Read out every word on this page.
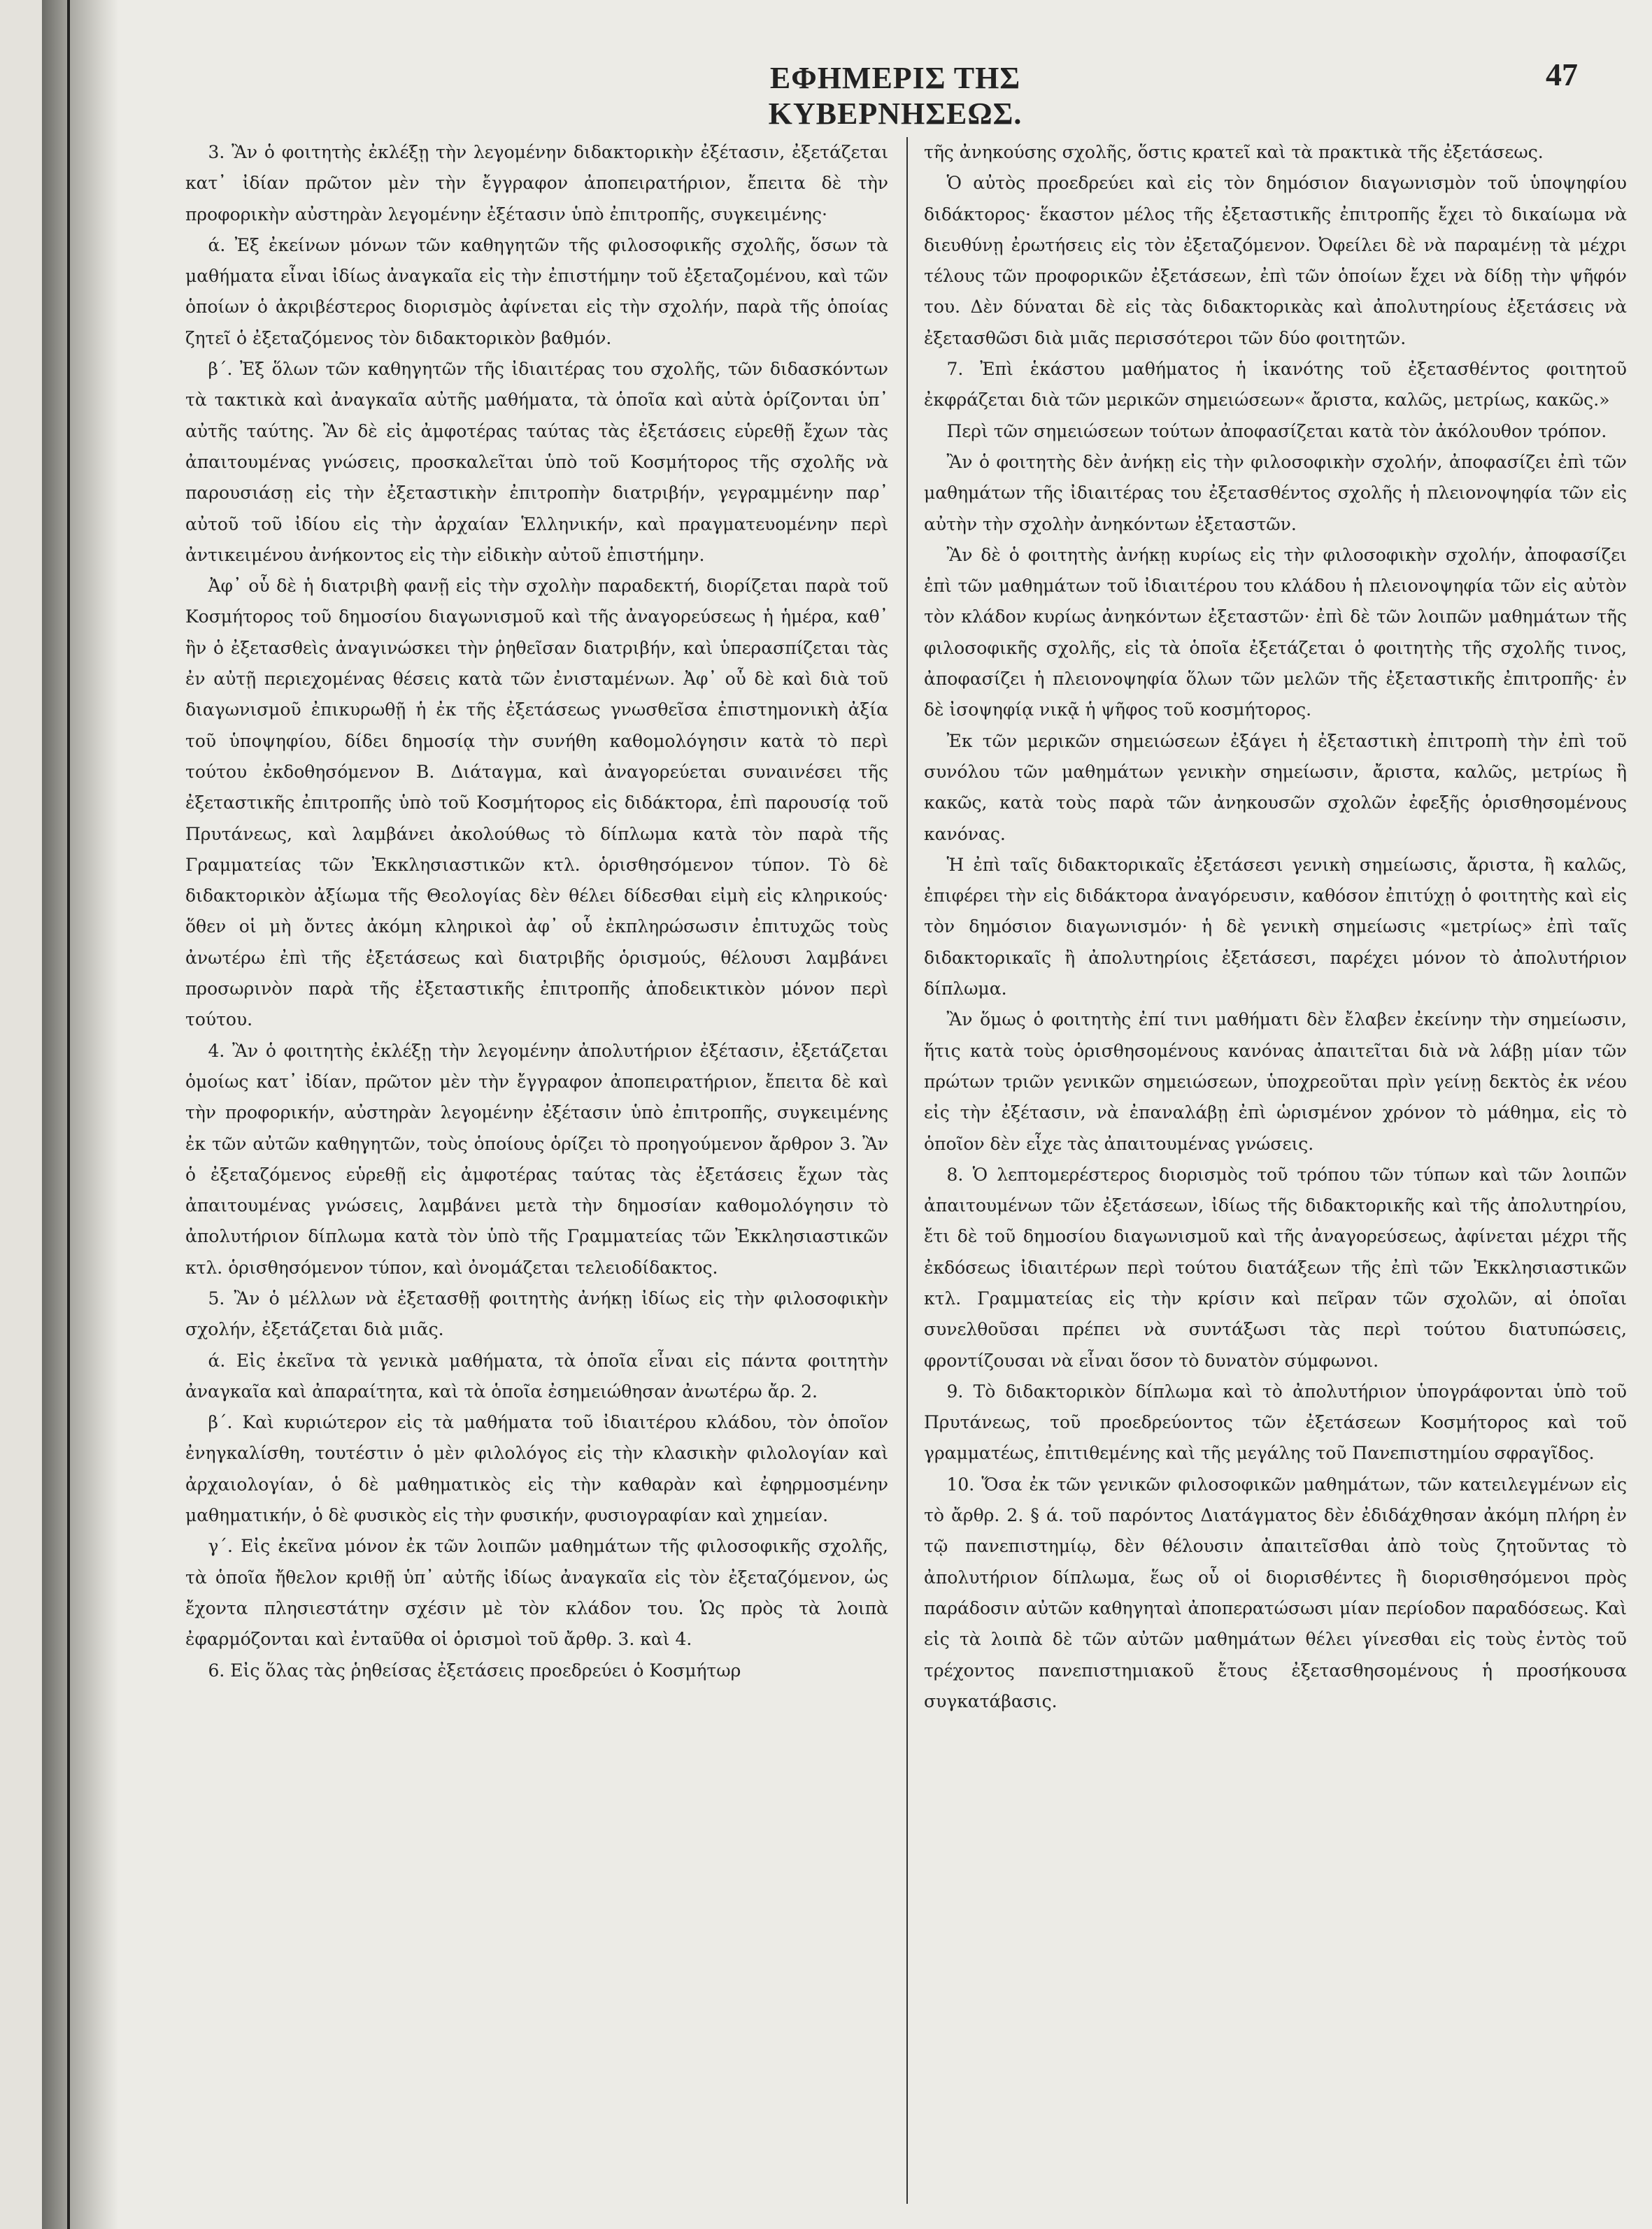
ΕΦΗΜΕΡΙΣ ΤΗΣ ΚΥΒΕΡΝΗΣΕΩΣ.
47

3. Ἂν ὁ φοιτητὴς ἐκλέξῃ τὴν λεγομένην διδακτορικὴν ἐξέτασιν, ἐξετάζεται κατ᾽ ἰδίαν πρῶτον μὲν τὴν ἔγγραφον ἀποπειρατήριον, ἔπειτα δὲ τὴν προφορικὴν αὐστηρὰν λεγομένην ἐξέτασιν ὑπὸ ἐπιτροπῆς, συγκειμένης·

ά. Ἐξ ἐκείνων μόνων τῶν καθηγητῶν τῆς φιλοσοφικῆς σχολῆς, ὅσων τὰ μαθήματα εἶναι ἰδίως ἀναγκαῖα εἰς τὴν ἐπιστήμην τοῦ ἐξεταζομένου, καὶ τῶν ὁποίων ὁ ἀκριβέστερος διορισμὸς ἀφίνεται εἰς τὴν σχολήν, παρὰ τῆς ὁποίας ζητεῖ ὁ ἐξεταζόμενος τὸν διδακτορικὸν βαθμόν.

β΄. Ἐξ ὅλων τῶν καθηγητῶν τῆς ἰδιαιτέρας του σχολῆς, τῶν διδασκόντων τὰ τακτικὰ καὶ ἀναγκαῖα αὐτῆς μαθήματα, τὰ ὁποῖα καὶ αὐτὰ ὁρίζονται ὑπ᾽ αὐτῆς ταύτης. Ἂν δὲ εἰς ἀμφοτέρας ταύτας τὰς ἐξετάσεις εὑρεθῇ ἔχων τὰς ἀπαιτουμένας γνώσεις, προσκαλεῖται ὑπὸ τοῦ Κοσμήτορος τῆς σχολῆς νὰ παρουσιάσῃ εἰς τὴν ἐξεταστικὴν ἐπιτροπὴν διατριβήν, γεγραμμένην παρ᾽ αὐτοῦ τοῦ ἰδίου εἰς τὴν ἀρχαίαν Ἑλληνικήν, καὶ πραγματευομένην περὶ ἀντικειμένου ἀνήκοντος εἰς τὴν εἰδικὴν αὐτοῦ ἐπιστήμην.

Ἀφ᾽ οὗ δὲ ἡ διατριβὴ φανῇ εἰς τὴν σχολὴν παραδεκτή, διορίζεται παρὰ τοῦ Κοσμήτορος τοῦ δημοσίου διαγωνισμοῦ καὶ τῆς ἀναγορεύσεως ἡ ἡμέρα, καθ᾽ ἣν ὁ ἐξετασθεὶς ἀναγινώσκει τὴν ῥηθεῖσαν διατριβήν, καὶ ὑπερασπίζεται τὰς ἐν αὐτῇ περιεχομένας θέσεις κατὰ τῶν ἐνισταμένων. Ἀφ᾽ οὗ δὲ καὶ διὰ τοῦ διαγωνισμοῦ ἐπικυρωθῇ ἡ ἐκ τῆς ἐξετάσεως γνωσθεῖσα ἐπιστημονικὴ ἀξία τοῦ ὑποψηφίου, δίδει δημοσίᾳ τὴν συνήθη καθομολόγησιν κατὰ τὸ περὶ τούτου ἐκδοθησόμενον Β. Διάταγμα, καὶ ἀναγορεύεται συναινέσει τῆς ἐξεταστικῆς ἐπιτροπῆς ὑπὸ τοῦ Κοσμήτορος εἰς διδάκτορα, ἐπὶ παρουσίᾳ τοῦ Πρυτάνεως, καὶ λαμβάνει ἀκολούθως τὸ δίπλωμα κατὰ τὸν παρὰ τῆς Γραμματείας τῶν Ἐκκλησιαστικῶν κτλ. ὁρισθησόμενον τύπον. Τὸ δὲ διδακτορικὸν ἀξίωμα τῆς Θεολογίας δὲν θέλει δίδεσθαι εἰμὴ εἰς κληρικούς· ὅθεν οἱ μὴ ὄντες ἀκόμη κληρικοὶ ἀφ᾽ οὗ ἐκπληρώσωσιν ἐπιτυχῶς τοὺς ἀνωτέρω ἐπὶ τῆς ἐξετάσεως καὶ διατριβῆς ὁρισμούς, θέλουσι λαμβάνει προσωρινὸν παρὰ τῆς ἐξεταστικῆς ἐπιτροπῆς ἀποδεικτικὸν μόνον περὶ τούτου.

4. Ἂν ὁ φοιτητὴς ἐκλέξῃ τὴν λεγομένην ἀπολυτήριον ἐξέτασιν, ἐξετάζεται ὁμοίως κατ᾽ ἰδίαν, πρῶτον μὲν τὴν ἔγγραφον ἀποπειρατήριον, ἔπειτα δὲ καὶ τὴν προφορικήν, αὐστηρὰν λεγομένην ἐξέτασιν ὑπὸ ἐπιτροπῆς, συγκειμένης ἐκ τῶν αὐτῶν καθηγητῶν, τοὺς ὁποίους ὁρίζει τὸ προηγούμενον ἄρθρον 3. Ἂν ὁ ἐξεταζόμενος εὑρεθῇ εἰς ἀμφοτέρας ταύτας τὰς ἐξετάσεις ἔχων τὰς ἀπαιτουμένας γνώσεις, λαμβάνει μετὰ τὴν δημοσίαν καθομολόγησιν τὸ ἀπολυτήριον δίπλωμα κατὰ τὸν ὑπὸ τῆς Γραμματείας τῶν Ἐκκλησιαστικῶν κτλ. ὁρισθησόμενον τύπον, καὶ ὀνομάζεται τελειοδίδακτος.

5. Ἂν ὁ μέλλων νὰ ἐξετασθῇ φοιτητὴς ἀνήκῃ ἰδίως εἰς τὴν φιλοσοφικὴν σχολήν, ἐξετάζεται διὰ μιᾶς.

ά. Εἰς ἐκεῖνα τὰ γενικὰ μαθήματα, τὰ ὁποῖα εἶναι εἰς πάντα φοιτητὴν ἀναγκαῖα καὶ ἀπαραίτητα, καὶ τὰ ὁποῖα ἐσημειώθησαν ἀνωτέρω ἄρ. 2.

β΄. Καὶ κυριώτερον εἰς τὰ μαθήματα τοῦ ἰδιαιτέρου κλάδου, τὸν ὁποῖον ἐνηγκαλίσθη, τουτέστιν ὁ μὲν φιλολόγος εἰς τὴν κλασικὴν φιλολογίαν καὶ ἀρχαιολογίαν, ὁ δὲ μαθηματικὸς εἰς τὴν καθαρὰν καὶ ἐφηρμοσμένην μαθηματικήν, ὁ δὲ φυσικὸς εἰς τὴν φυσικήν, φυσιογραφίαν καὶ χημείαν.

γ΄. Εἰς ἐκεῖνα μόνον ἐκ τῶν λοιπῶν μαθημάτων τῆς φιλοσοφικῆς σχολῆς, τὰ ὁποῖα ἤθελον κριθῇ ὑπ᾽ αὐτῆς ἰδίως ἀναγκαῖα εἰς τὸν ἐξεταζόμενον, ὡς ἔχοντα πλησιεστάτην σχέσιν μὲ τὸν κλάδον του. Ὡς πρὸς τὰ λοιπὰ ἐφαρμόζονται καὶ ἐνταῦθα οἱ ὁρισμοὶ τοῦ ἄρθρ. 3. καὶ 4.

6. Εἰς ὅλας τὰς ῥηθείσας ἐξετάσεις προεδρεύει ὁ Κοσμήτωρ

τῆς ἀνηκούσης σχολῆς, ὅστις κρατεῖ καὶ τὰ πρακτικὰ τῆς ἐξετάσεως.

Ὁ αὐτὸς προεδρεύει καὶ εἰς τὸν δημόσιον διαγωνισμὸν τοῦ ὑποψηφίου διδάκτορος· ἕκαστον μέλος τῆς ἐξεταστικῆς ἐπιτροπῆς ἔχει τὸ δικαίωμα νὰ διευθύνῃ ἐρωτήσεις εἰς τὸν ἐξεταζόμενον. Ὀφείλει δὲ νὰ παραμένῃ τὰ μέχρι τέλους τῶν προφορικῶν ἐξετάσεων, ἐπὶ τῶν ὁποίων ἔχει νὰ δίδῃ τὴν ψῆφόν του. Δὲν δύναται δὲ εἰς τὰς διδακτορικὰς καὶ ἀπολυτηρίους ἐξετάσεις νὰ ἐξετασθῶσι διὰ μιᾶς περισσότεροι τῶν δύο φοιτητῶν.

7. Ἐπὶ ἑκάστου μαθήματος ἡ ἱκανότης τοῦ ἐξετασθέντος φοιτητοῦ ἐκφράζεται διὰ τῶν μερικῶν σημειώσεων« ἄριστα, καλῶς, μετρίως, κακῶς.»

Περὶ τῶν σημειώσεων τούτων ἀποφασίζεται κατὰ τὸν ἀκόλουθον τρόπον.

Ἂν ὁ φοιτητὴς δὲν ἀνήκῃ εἰς τὴν φιλοσοφικὴν σχολήν, ἀποφασίζει ἐπὶ τῶν μαθημάτων τῆς ἰδιαιτέρας του ἐξετασθέντος σχολῆς ἡ πλειονοψηφία τῶν εἰς αὐτὴν τὴν σχολὴν ἀνηκόντων ἐξεταστῶν.

Ἂν δὲ ὁ φοιτητὴς ἀνήκῃ κυρίως εἰς τὴν φιλοσοφικὴν σχολήν, ἀποφασίζει ἐπὶ τῶν μαθημάτων τοῦ ἰδιαιτέρου του κλάδου ἡ πλειονοψηφία τῶν εἰς αὐτὸν τὸν κλάδον κυρίως ἀνηκόντων ἐξεταστῶν· ἐπὶ δὲ τῶν λοιπῶν μαθημάτων τῆς φιλοσοφικῆς σχολῆς, εἰς τὰ ὁποῖα ἐξετάζεται ὁ φοιτητὴς τῆς σχολῆς τινος, ἀποφασίζει ἡ πλειονοψηφία ὅλων τῶν μελῶν τῆς ἐξεταστικῆς ἐπιτροπῆς· ἐν δὲ ἰσοψηφίᾳ νικᾷ ἡ ψῆφος τοῦ κοσμήτορος.

Ἐκ τῶν μερικῶν σημειώσεων ἐξάγει ἡ ἐξεταστικὴ ἐπιτροπὴ τὴν ἐπὶ τοῦ συνόλου τῶν μαθημάτων γενικὴν σημείωσιν, ἄριστα, καλῶς, μετρίως ἢ κακῶς, κατὰ τοὺς παρὰ τῶν ἀνηκουσῶν σχολῶν ἐφεξῆς ὁρισθησομένους κανόνας.

Ἡ ἐπὶ ταῖς διδακτορικαῖς ἐξετάσεσι γενικὴ σημείωσις, ἄριστα, ἢ καλῶς, ἐπιφέρει τὴν εἰς διδάκτορα ἀναγόρευσιν, καθόσον ἐπιτύχῃ ὁ φοιτητὴς καὶ εἰς τὸν δημόσιον διαγωνισμόν· ἡ δὲ γενικὴ σημείωσις «μετρίως» ἐπὶ ταῖς διδακτορικαῖς ἢ ἀπολυτηρίοις ἐξετάσεσι, παρέχει μόνον τὸ ἀπολυτήριον δίπλωμα.

Ἂν ὅμως ὁ φοιτητὴς ἐπί τινι μαθήματι δὲν ἔλαβεν ἐκείνην τὴν σημείωσιν, ἥτις κατὰ τοὺς ὁρισθησομένους κανόνας ἀπαιτεῖται διὰ νὰ λάβῃ μίαν τῶν πρώτων τριῶν γενικῶν σημειώσεων, ὑποχρεοῦται πρὶν γείνῃ δεκτὸς ἐκ νέου εἰς τὴν ἐξέτασιν, νὰ ἐπαναλάβῃ ἐπὶ ὡρισμένον χρόνον τὸ μάθημα, εἰς τὸ ὁποῖον δὲν εἶχε τὰς ἀπαιτουμένας γνώσεις.

8. Ὁ λεπτομερέστερος διορισμὸς τοῦ τρόπου τῶν τύπων καὶ τῶν λοιπῶν ἀπαιτουμένων τῶν ἐξετάσεων, ἰδίως τῆς διδακτορικῆς καὶ τῆς ἀπολυτηρίου, ἔτι δὲ τοῦ δημοσίου διαγωνισμοῦ καὶ τῆς ἀναγορεύσεως, ἀφίνεται μέχρι τῆς ἐκδόσεως ἰδιαιτέρων περὶ τούτου διατάξεων τῆς ἐπὶ τῶν Ἐκκλησιαστικῶν κτλ. Γραμματείας εἰς τὴν κρίσιν καὶ πεῖραν τῶν σχολῶν, αἱ ὁποῖαι συνελθοῦσαι πρέπει νὰ συντάξωσι τὰς περὶ τούτου διατυπώσεις, φροντίζουσαι νὰ εἶναι ὅσον τὸ δυνατὸν σύμφωνοι.

9. Τὸ διδακτορικὸν δίπλωμα καὶ τὸ ἀπολυτήριον ὑπογράφονται ὑπὸ τοῦ Πρυτάνεως, τοῦ προεδρεύοντος τῶν ἐξετάσεων Κοσμήτορος καὶ τοῦ γραμματέως, ἐπιτιθεμένης καὶ τῆς μεγάλης τοῦ Πανεπιστημίου σφραγῖδος.

10. Ὅσα ἐκ τῶν γενικῶν φιλοσοφικῶν μαθημάτων, τῶν κατειλεγμένων εἰς τὸ ἄρθρ. 2. § ά. τοῦ παρόντος Διατάγματος δὲν ἐδιδάχθησαν ἀκόμη πλήρη ἐν τῷ πανεπιστημίῳ, δὲν θέλουσιν ἀπαιτεῖσθαι ἀπὸ τοὺς ζητοῦντας τὸ ἀπολυτήριον δίπλωμα, ἕως οὗ οἱ διορισθέντες ἢ διορισθησόμενοι πρὸς παράδοσιν αὐτῶν καθηγηταὶ ἀποπερατώσωσι μίαν περίοδον παραδόσεως. Καὶ εἰς τὰ λοιπὰ δὲ τῶν αὐτῶν μαθημάτων θέλει γίνεσθαι εἰς τοὺς ἐντὸς τοῦ τρέχοντος πανεπιστημιακοῦ ἔτους ἐξετασθησομένους ἡ προσήκουσα συγκατάβασις.
